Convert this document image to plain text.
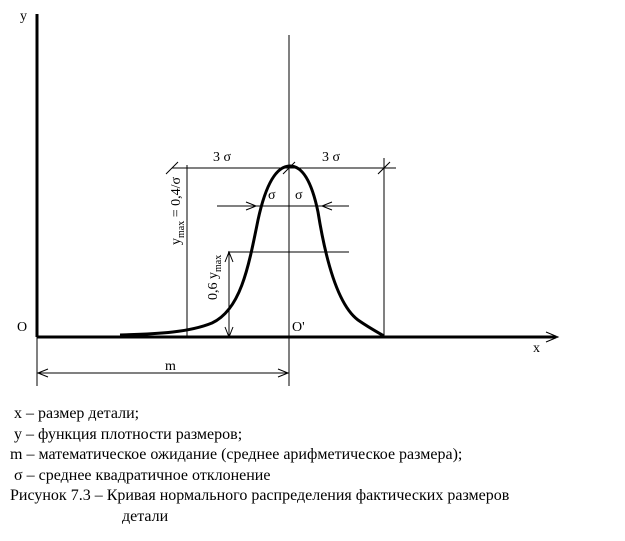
y
x
O	O'
3 σ	3 σ
σ σ
m
$y_{max} = 0,4/\sigma$
0,6 $y_{max}$
x – размер детали;
y – функция плотности размеров;
m – математическое ожидание (среднее арифметическое размера);
σ – среднее квадратичное отклонение
Рисунок 7.3 – Кривая нормального распределения фактических размеров
детали
